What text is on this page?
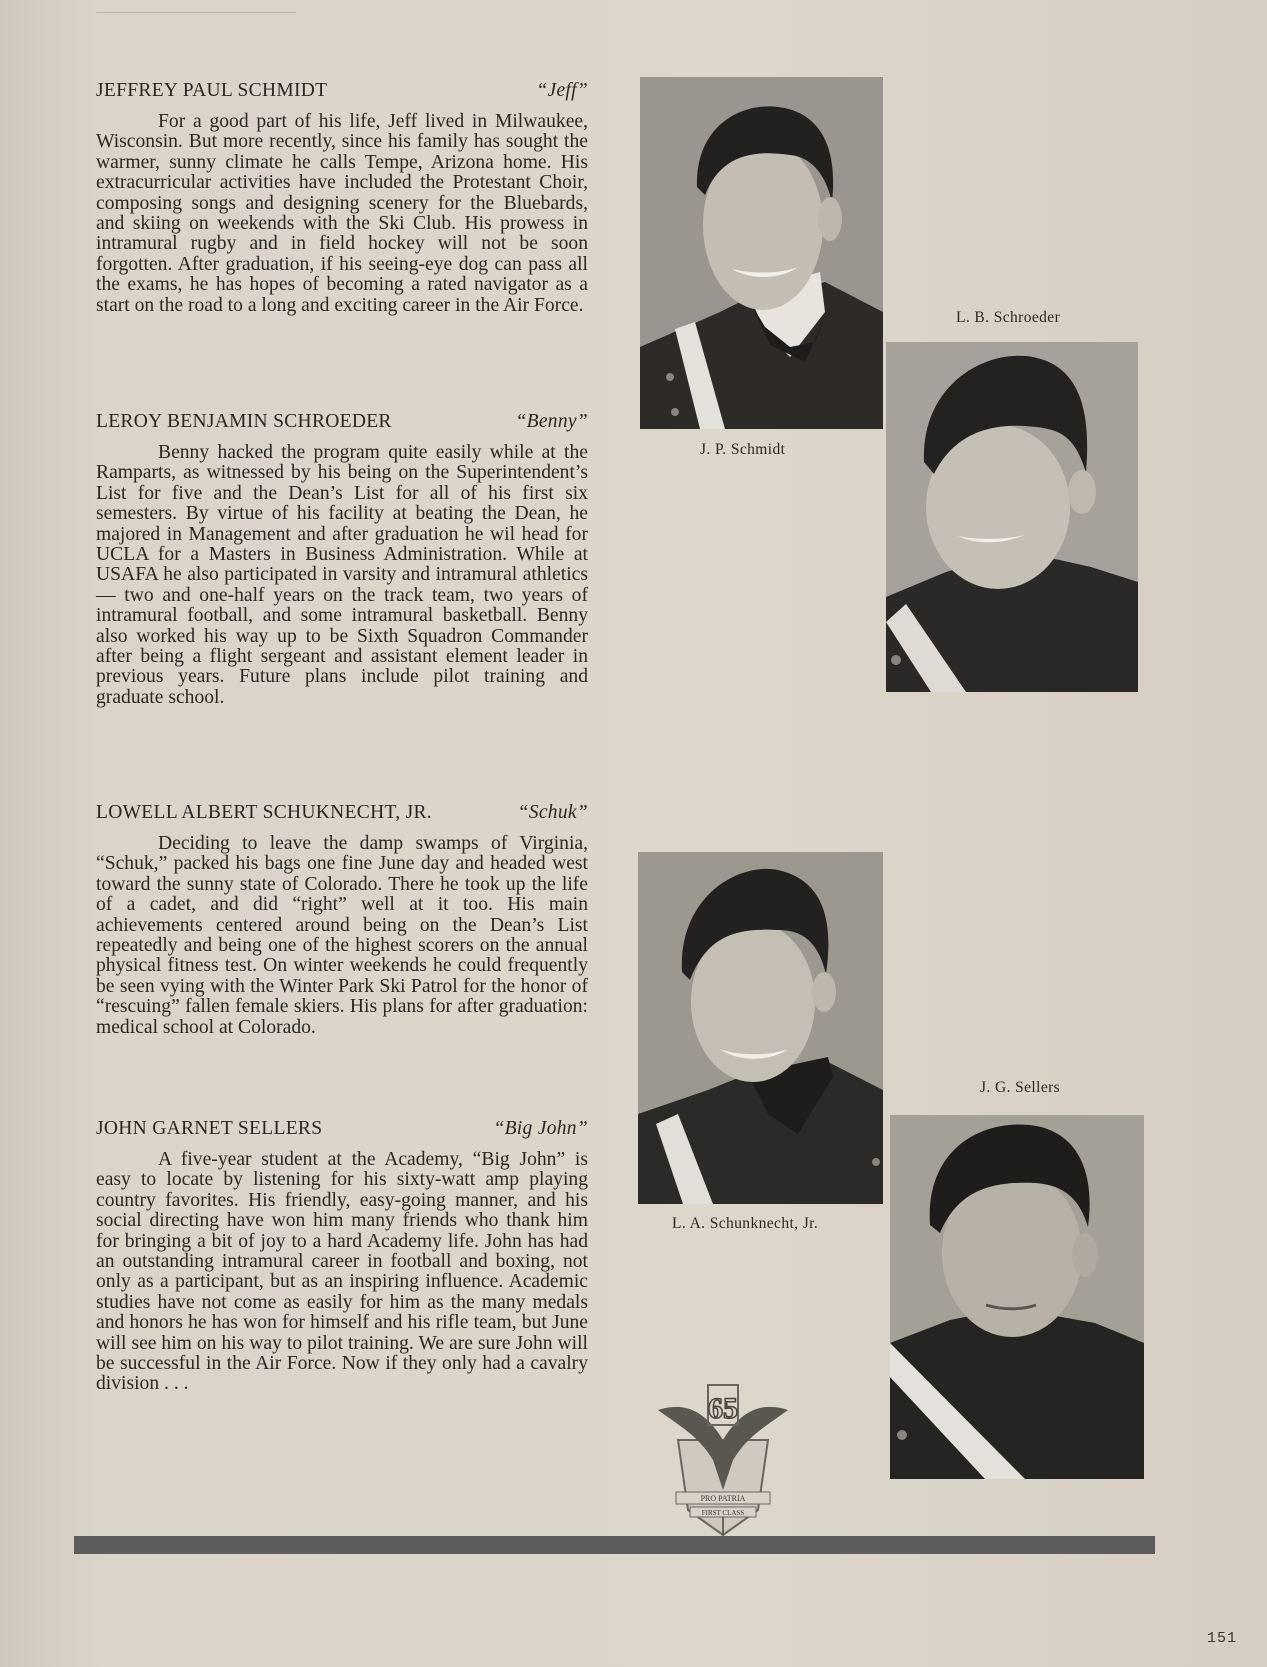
JEFFREY PAUL SCHMIDT	“Jeff”

For a good part of his life, Jeff lived in Milwaukee, Wisconsin. But more recently, since his family has sought the warmer, sunny climate he calls Tempe, Arizona home. His extracurricular activities have included the Protestant Choir, composing songs and designing scenery for the Bluebards, and skiing on weekends with the Ski Club. His prowess in intramural rugby and in field hockey will not be soon forgotten. After graduation, if his seeing-eye dog can pass all the exams, he has hopes of becoming a rated navigator as a start on the road to a long and exciting career in the Air Force.

LEROY BENJAMIN SCHROEDER	“Benny”

Benny hacked the program quite easily while at the Ramparts, as witnessed by his being on the Superintendent’s List for five and the Dean’s List for all of his first six semesters. By virtue of his facility at beating the Dean, he majored in Management and after graduation he wil head for UCLA for a Masters in Business Administration. While at USAFA he also participated in varsity and intramural athletics — two and one-half years on the track team, two years of intramural football, and some intramural basketball. Benny also worked his way up to be Sixth Squadron Commander after being a flight sergeant and assistant element leader in previous years. Future plans include pilot training and graduate school.

LOWELL ALBERT SCHUKNECHT, JR.	“Schuk”

Deciding to leave the damp swamps of Virginia, “Schuk,” packed his bags one fine June day and headed west toward the sunny state of Colorado. There he took up the life of a cadet, and did “right” well at it too. His main achievements centered around being on the Dean’s List repeatedly and being one of the highest scorers on the annual physical fitness test. On winter weekends he could frequently be seen vying with the Winter Park Ski Patrol for the honor of “rescuing” fallen female skiers. His plans for after graduation: medical school at Colorado.

JOHN GARNET SELLERS	“Big John”

A five-year student at the Academy, “Big John” is easy to locate by listening for his sixty-watt amp playing country favorites. His friendly, easy-going manner, and his social directing have won him many friends who thank him for bringing a bit of joy to a hard Academy life. John has had an outstanding intramural career in football and boxing, not only as a participant, but as an inspiring influence. Academic studies have not come as easily for him as the many medals and honors he has won for himself and his rifle team, but June will see him on his way to pilot training. We are sure John will be successful in the Air Force. Now if they only had a cavalry division . . .

J. P. Schmidt
L. B. Schroeder
L. A. Schunknecht, Jr.
J. G. Sellers
65
PRO PATRIA
FIRST CLASS
151
